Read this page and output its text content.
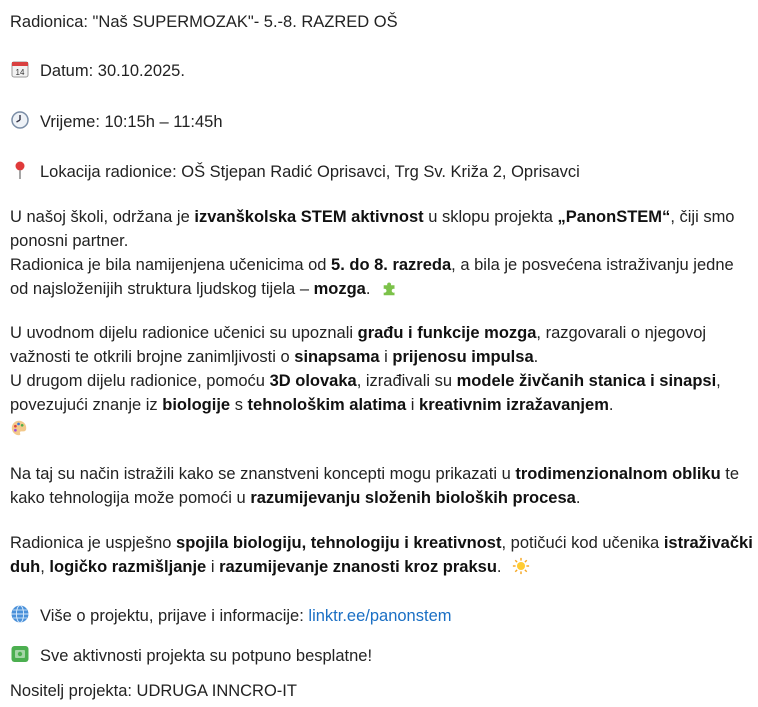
Radionica: "Naš SUPERMOZAK"- 5.-8. RAZRED OŠ
14 Datum: 30.10.2025.
Vrijeme: 10:15h – 11:45h
Lokacija radionice: OŠ Stjepan Radić Oprisavci, Trg Sv. Križa 2, Oprisavci
U našoj školi, održana je izvanškolska STEM aktivnost u sklopu projekta „PanonSTEM“, čiji smo ponosni partner.
Radionica je bila namijenjena učenicima od 5. do 8. razreda, a bila je posvećena istraživanju jedne od najsloženijih struktura ljudskog tijela – mozga.
U uvodnom dijelu radionice učenici su upoznali građu i funkcije mozga, razgovarali o njegovoj važnosti te otkrili brojne zanimljivosti o sinapsama i prijenosu impulsa.
U drugom dijelu radionice, pomoću 3D olovaka, izrađivali su modele živčanih stanica i sinapsi, povezujući znanje iz biologije s tehnološkim alatima i kreativnim izražavanjem.

Na taj su način istražili kako se znanstveni koncepti mogu prikazati u trodimenzionalnom obliku te kako tehnologija može pomoći u razumijevanju složenih bioloških procesa.
Radionica je uspješno spojila biologiju, tehnologiju i kreativnost, potičući kod učenika istraživački duh, logičko razmišljanje i razumijevanje znanosti kroz praksu.
Više o projektu, prijave i informacije: linktr.ee/panonstem
Sve aktivnosti projekta su potpuno besplatne!
Nositelj projekta: UDRUGA INNCRO-IT
